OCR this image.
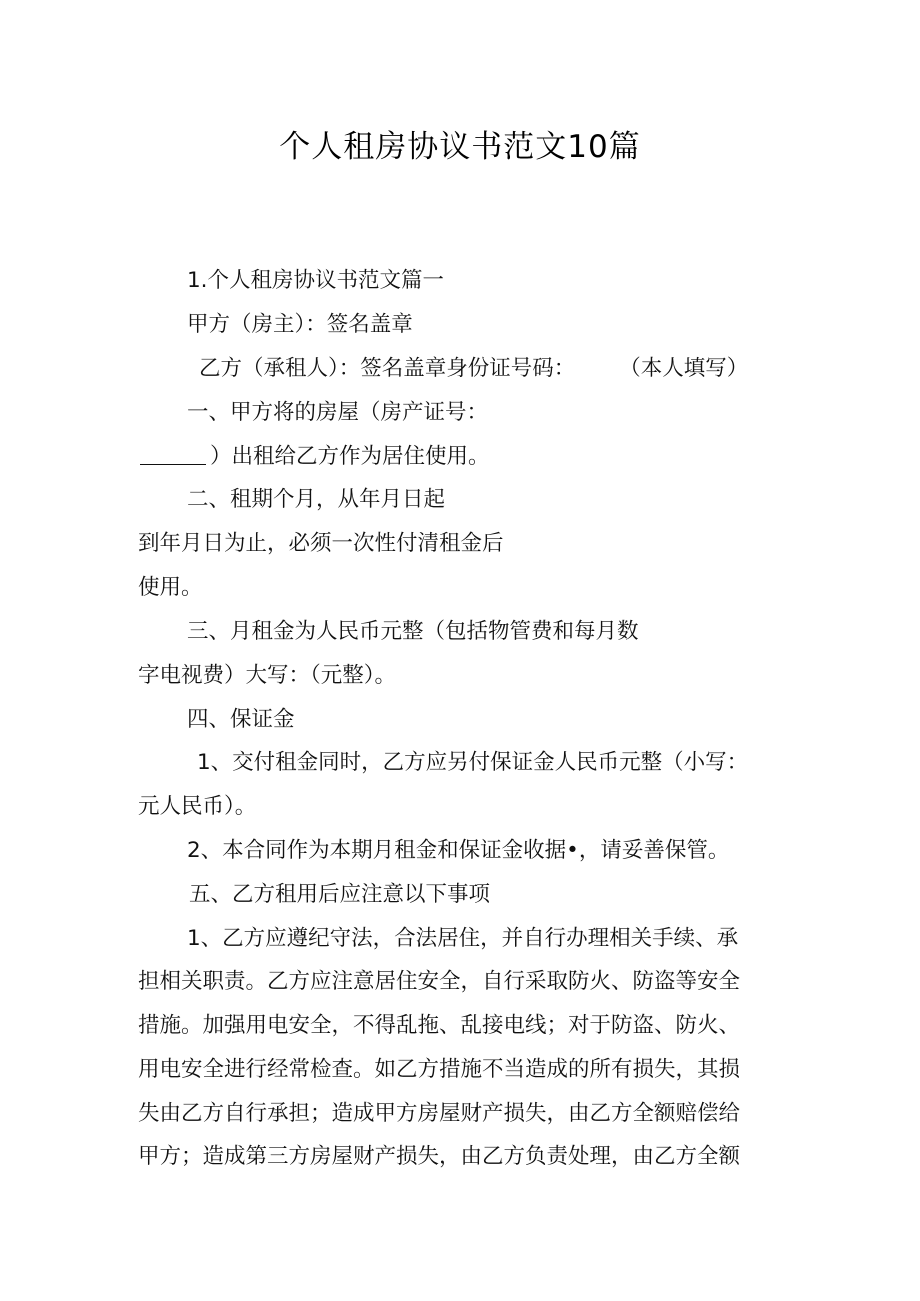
个人租房协议书范文10篇
1.个人租房协议书范文篇一
甲方（房主）：签名盖章
乙方（承租人）：签名盖章身份证号码： （本人填写）
一、甲方将的房屋（房产证号：
）出租给乙方作为居住使用。
二、租期个月，从年月日起
到年月日为止，必须一次性付清租金后
使用。
三、月租金为人民币元整（包括物管费和每月数
字电视费）大写：（元整）。
四、保证金
1、交付租金同时，乙方应另付保证金人民币元整（小写：
元人民币）。
2、本合同作为本期月租金和保证金收据•，请妥善保管。
五、乙方租用后应注意以下事项
1、乙方应遵纪守法，合法居住，并自行办理相关手续、承
担相关职责。乙方应注意居住安全，自行采取防火、防盗等安全
措施。加强用电安全，不得乱拖、乱接电线；对于防盗、防火、
用电安全进行经常检查。如乙方措施不当造成的所有损失，其损
失由乙方自行承担；造成甲方房屋财产损失，由乙方全额赔偿给
甲方；造成第三方房屋财产损失，由乙方负责处理，由乙方全额
